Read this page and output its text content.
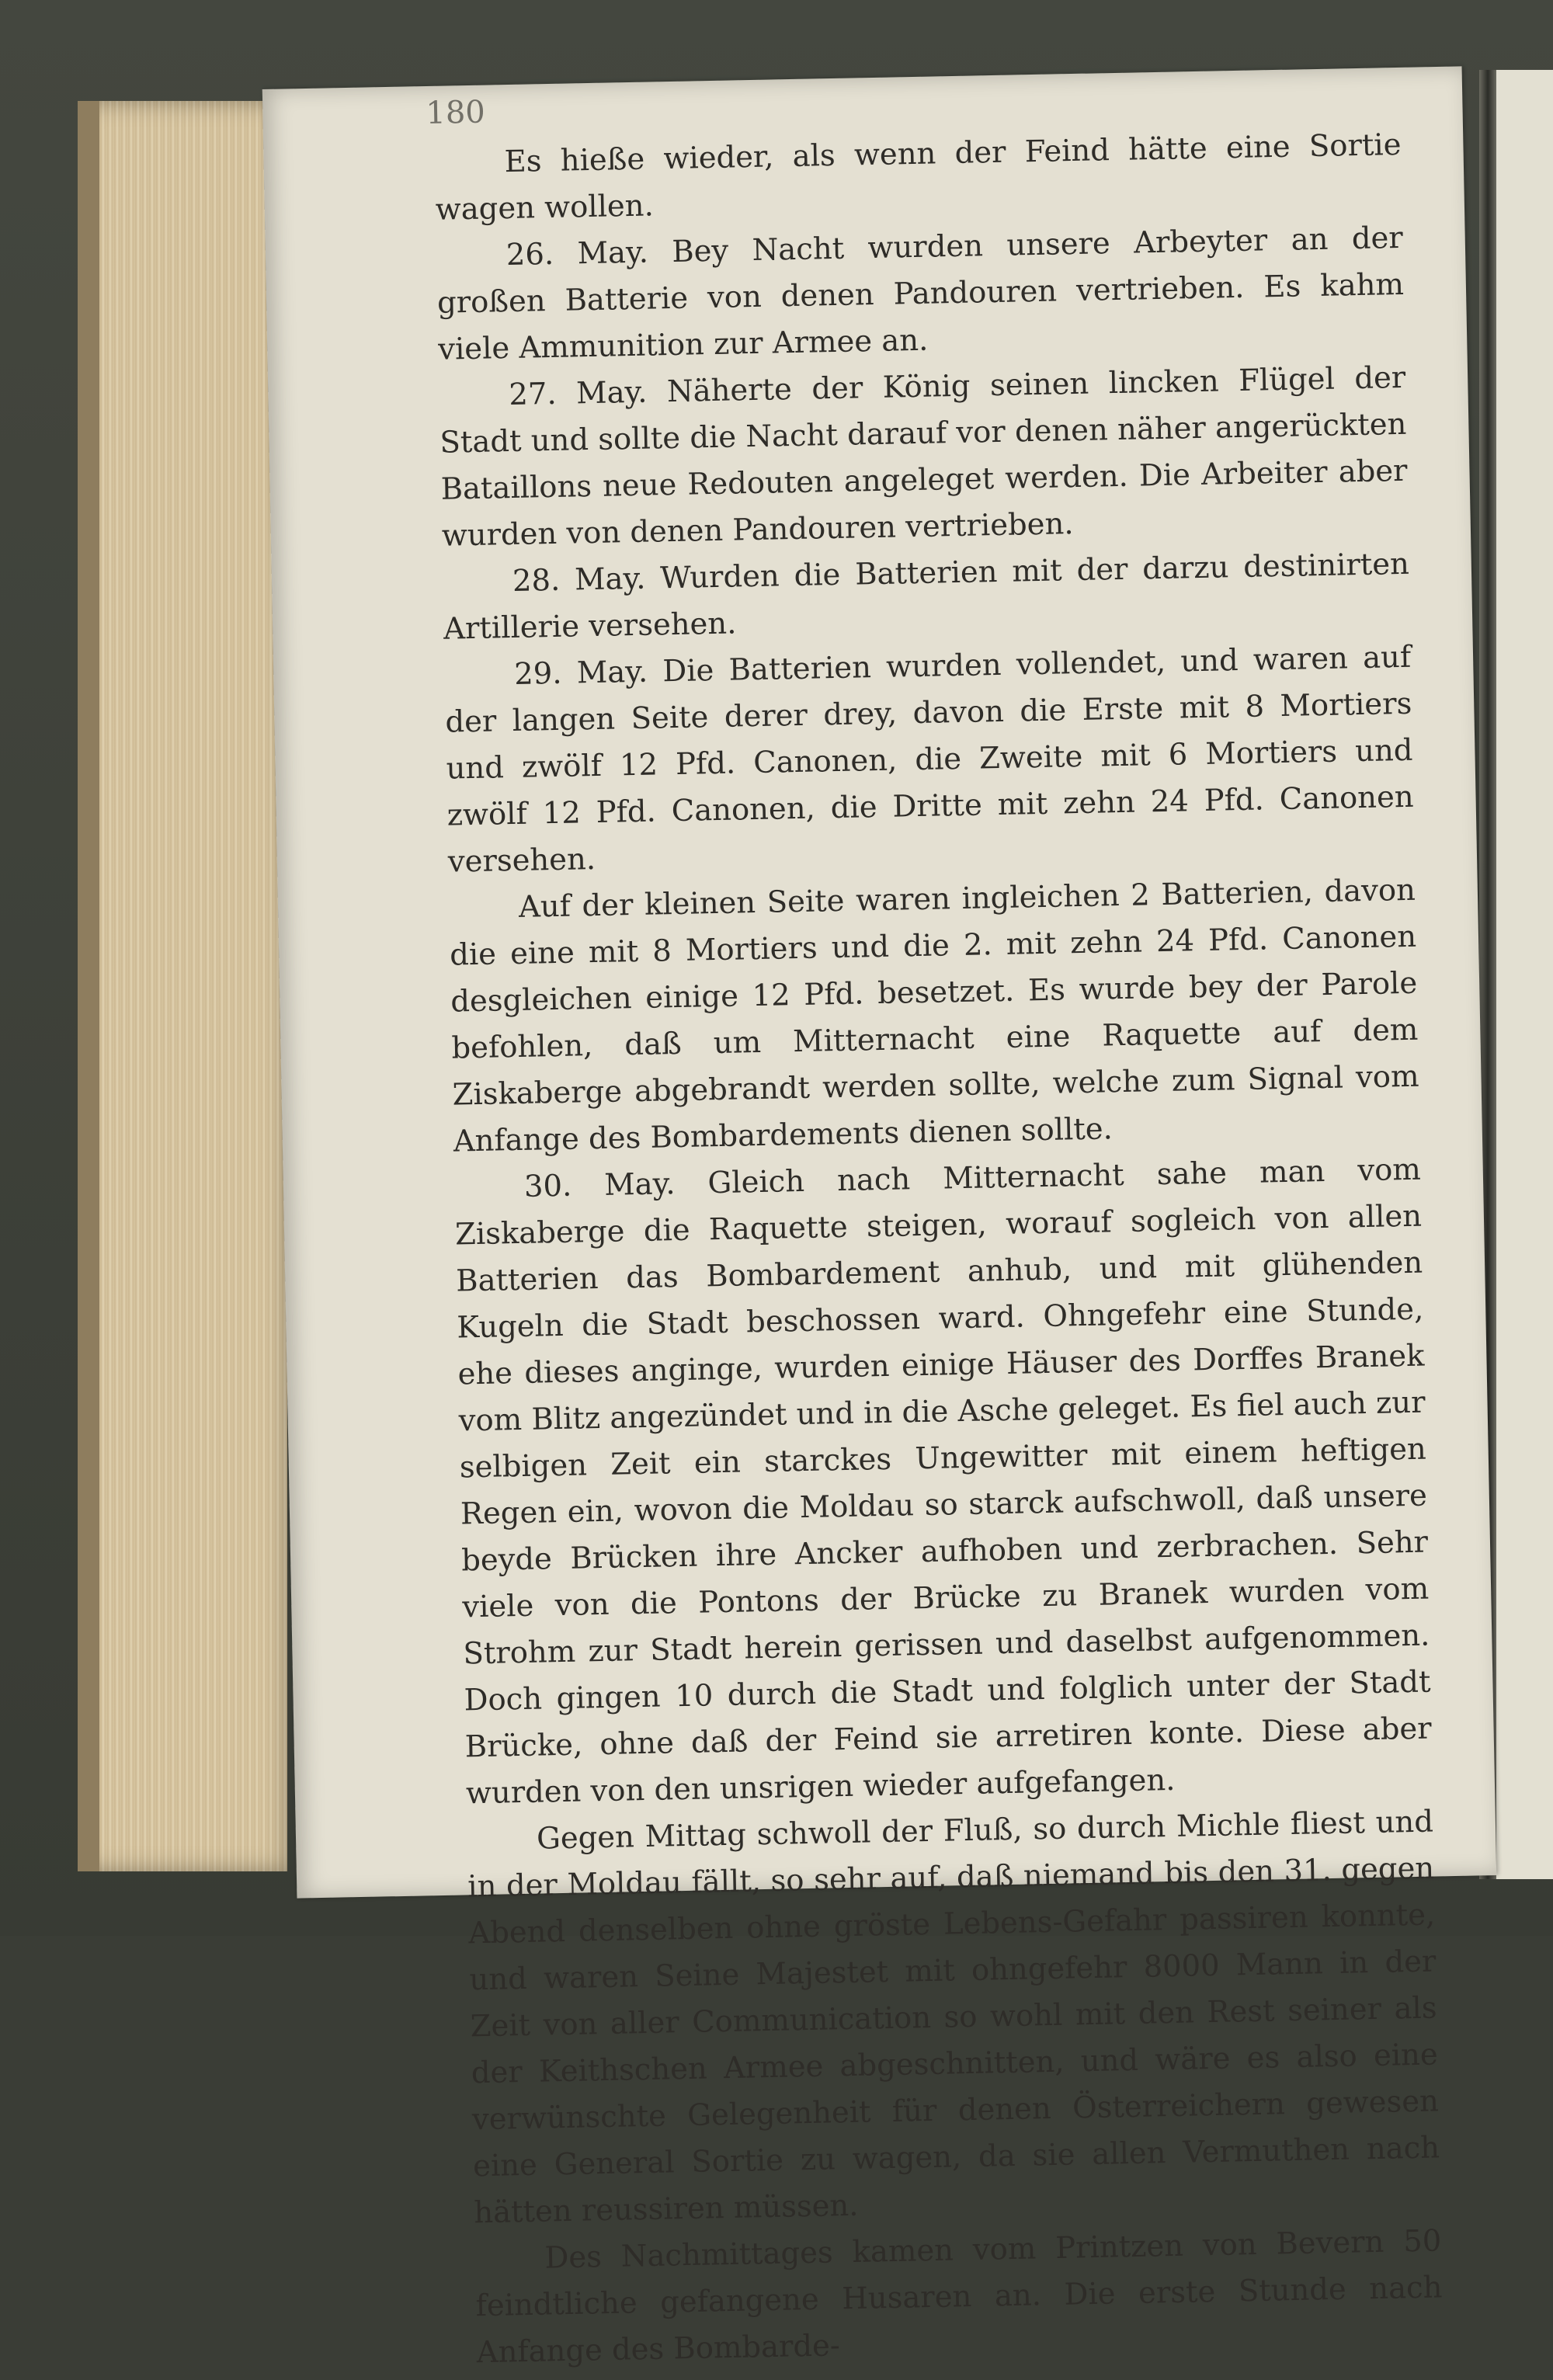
180

Es hieße wieder, als wenn der Feind hätte eine Sortie wagen wollen.

26. May. Bey Nacht wurden unsere Arbeyter an der großen Batterie von denen Pandouren vertrieben. Es kahm viele Ammunition zur Armee an.

27. May. Näherte der König seinen lincken Flügel der Stadt und sollte die Nacht darauf vor denen näher angerückten Bataillons neue Redouten angeleget werden. Die Arbeiter aber wurden von denen Pandouren vertrieben.

28. May. Wurden die Batterien mit der darzu destinirten Artillerie versehen.

29. May. Die Batterien wurden vollendet, und waren auf der langen Seite derer drey, davon die Erste mit 8 Mortiers und zwölf 12 Pfd. Canonen, die Zweite mit 6 Mortiers und zwölf 12 Pfd. Canonen, die Dritte mit zehn 24 Pfd. Canonen versehen.

Auf der kleinen Seite waren ingleichen 2 Batterien, davon die eine mit 8 Mortiers und die 2. mit zehn 24 Pfd. Canonen desgleichen einige 12 Pfd. besetzet. Es wurde bey der Parole befohlen, daß um Mitternacht eine Raquette auf dem Ziskaberge abgebrandt werden sollte, welche zum Signal vom Anfange des Bombardements dienen sollte.

30. May. Gleich nach Mitternacht sahe man vom Ziskaberge die Raquette steigen, worauf sogleich von allen Batterien das Bombardement anhub, und mit glühenden Kugeln die Stadt beschossen ward. Ohngefehr eine Stunde, ehe dieses anginge, wurden einige Häuser des Dorffes Branek vom Blitz angezündet und in die Asche geleget. Es fiel auch zur selbigen Zeit ein starckes Ungewitter mit einem heftigen Regen ein, wovon die Moldau so starck aufschwoll, daß unsere beyde Brücken ihre Ancker aufhoben und zerbrachen. Sehr viele von die Pontons der Brücke zu Branek wurden vom Strohm zur Stadt herein gerissen und daselbst aufgenommen. Doch gingen 10 durch die Stadt und folglich unter der Stadt Brücke, ohne daß der Feind sie arretiren konte. Diese aber wurden von den unsrigen wieder aufgefangen.

Gegen Mittag schwoll der Fluß, so durch Michle fliest und in der Moldau fällt, so sehr auf, daß niemand bis den 31. gegen Abend denselben ohne gröste Lebens-Gefahr passiren konnte, und waren Seine Majestet mit ohngefehr 8000 Mann in der Zeit von aller Communication so wohl mit den Rest seiner als der Keithschen Armee abgeschnitten, und wäre es also eine verwünschte Gelegenheit für denen Österreichern gewesen eine General Sortie zu wagen, da sie allen Vermuthen nach hätten reussiren müssen.

Des Nachmittages kamen vom Printzen von Bevern 50 feindtliche gefangene Husaren an. Die erste Stunde nach Anfange des Bombarde-
